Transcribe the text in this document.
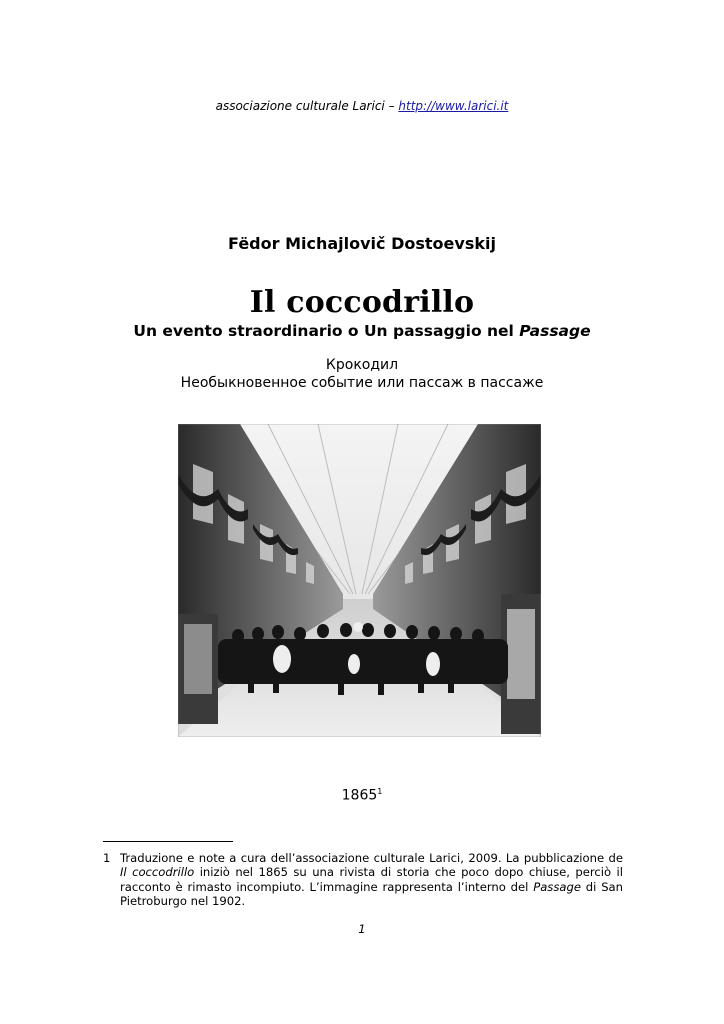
associazione culturale Larici – http://www.larici.it
Fëdor Michajlovič Dostoevskij
Il coccodrillo
Un evento straordinario o Un passaggio nel Passage
Крокодил
Необыкновенное событие или пассаж в пассаже
1865$^1$
1 Traduzione e note a cura dell’associazione culturale Larici, 2009. La pubblicazione de Il coccodrillo iniziò nel 1865 su una rivista di storia che poco dopo chiuse, perciò il racconto è rimasto incompiuto. L’immagine rappresenta l’interno del Passage di San Pietroburgo nel 1902.
1
